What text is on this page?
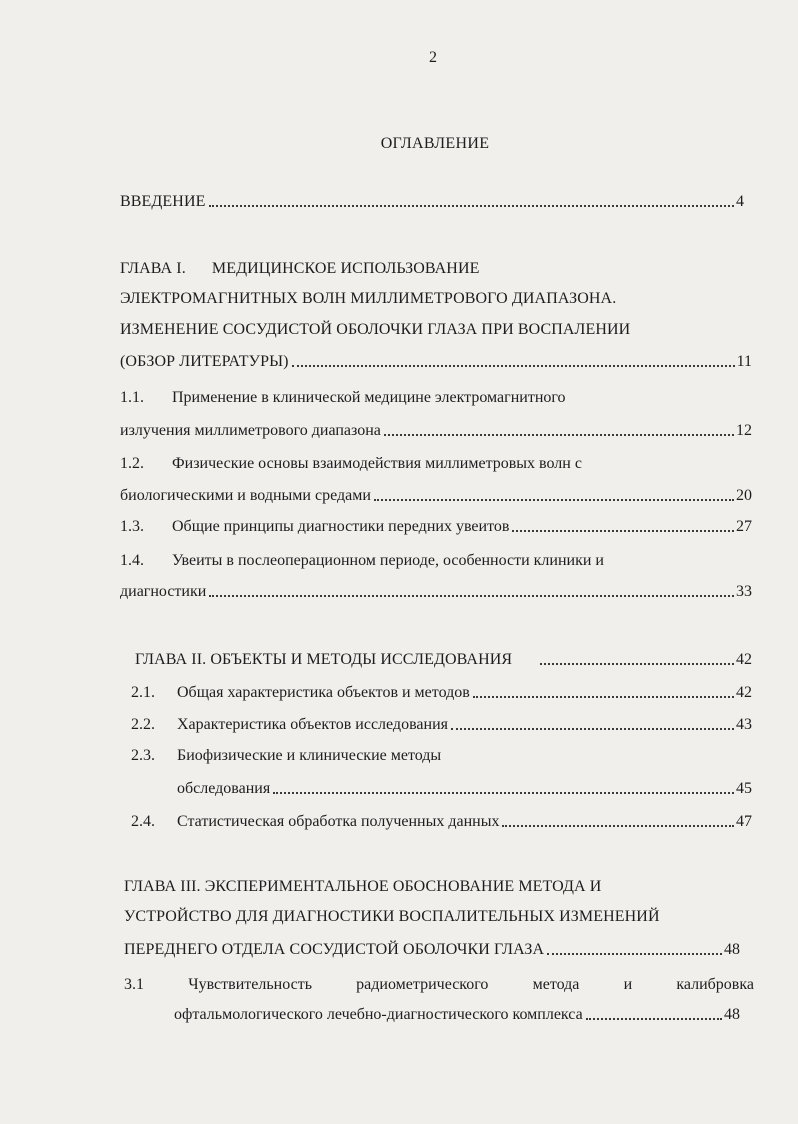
2
ОГЛАВЛЕНИЕ
ВВЕДЕНИЕ	4
ГЛАВА I. МЕДИЦИНСКОЕ ИСПОЛЬЗОВАНИЕ
ЭЛЕКТРОМАГНИТНЫХ ВОЛН МИЛЛИМЕТРОВОГО ДИАПАЗОНА.
ИЗМЕНЕНИЕ СОСУДИСТОЙ ОБОЛОЧКИ ГЛАЗА ПРИ ВОСПАЛЕНИИ
(ОБЗОР ЛИТЕРАТУРЫ)	11
1.1. Применение в клинической медицине электромагнитного
излучения миллиметрового диапазона	12
1.2. Физические основы взаимодействия миллиметровых волн с
биологическими и водными средами	20
1.3. Общие принципы диагностики передних увеитов	27
1.4. Увеиты в послеоперационном периоде, особенности клиники и
диагностики	33
ГЛАВА II. ОБЪЕКТЫ И МЕТОДЫ ИССЛЕДОВАНИЯ	42
2.1. Общая характеристика объектов и методов	42
2.2. Характеристика объектов исследования	43
2.3. Биофизические и клинические методы
обследования	45
2.4. Статистическая обработка полученных данных	47
ГЛАВА III. ЭКСПЕРИМЕНТАЛЬНОЕ ОБОСНОВАНИЕ МЕТОДА И
УСТРОЙСТВО ДЛЯ ДИАГНОСТИКИ ВОСПАЛИТЕЛЬНЫХ ИЗМЕНЕНИЙ
ПЕРЕДНЕГО ОТДЕЛА СОСУДИСТОЙ ОБОЛОЧКИ ГЛАЗА	48
3.1	Чувствительность	радиометрического	метода	и	калибровка
офтальмологического лечебно-диагностического комплекса	48
